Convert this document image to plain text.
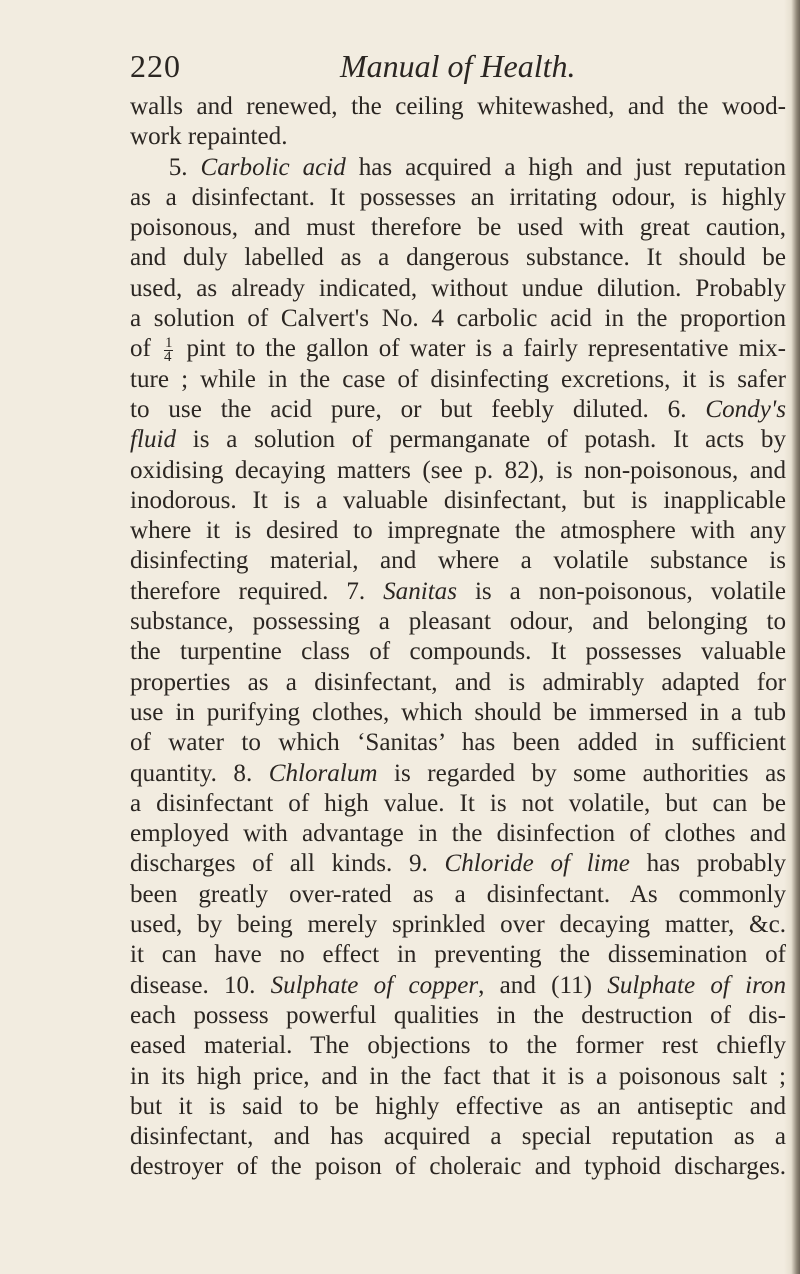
220	Manual of Health.
walls and renewed, the ceiling whitewashed, and the wood-
work repainted.
5. Carbolic acid has acquired a high and just reputation
as a disinfectant. It possesses an irritating odour, is highly
poisonous, and must therefore be used with great caution,
and duly labelled as a dangerous substance. It should be
used, as already indicated, without undue dilution. Probably
a solution of Calvert's No. 4 carbolic acid in the proportion
of $\frac{1}{4}$ pint to the gallon of water is a fairly representative mix-
ture ; while in the case of disinfecting excretions, it is safer
to use the acid pure, or but feebly diluted. 6. Condy's
fluid is a solution of permanganate of potash. It acts by
oxidising decaying matters (see p. 82), is non-poisonous, and
inodorous. It is a valuable disinfectant, but is inapplicable
where it is desired to impregnate the atmosphere with any
disinfecting material, and where a volatile substance is
therefore required. 7. Sanitas is a non-poisonous, volatile
substance, possessing a pleasant odour, and belonging to
the turpentine class of compounds. It possesses valuable
properties as a disinfectant, and is admirably adapted for
use in purifying clothes, which should be immersed in a tub
of water to which ‘Sanitas’ has been added in sufficient
quantity. 8. Chloralum is regarded by some authorities as
a disinfectant of high value. It is not volatile, but can be
employed with advantage in the disinfection of clothes and
discharges of all kinds. 9. Chloride of lime has probably
been greatly over-rated as a disinfectant. As commonly
used, by being merely sprinkled over decaying matter, &c.
it can have no effect in preventing the dissemination of
disease. 10. Sulphate of copper, and (11) Sulphate of iron
each possess powerful qualities in the destruction of dis-
eased material. The objections to the former rest chiefly
in its high price, and in the fact that it is a poisonous salt ;
but it is said to be highly effective as an antiseptic and
disinfectant, and has acquired a special reputation as a
destroyer of the poison of choleraic and typhoid discharges.
